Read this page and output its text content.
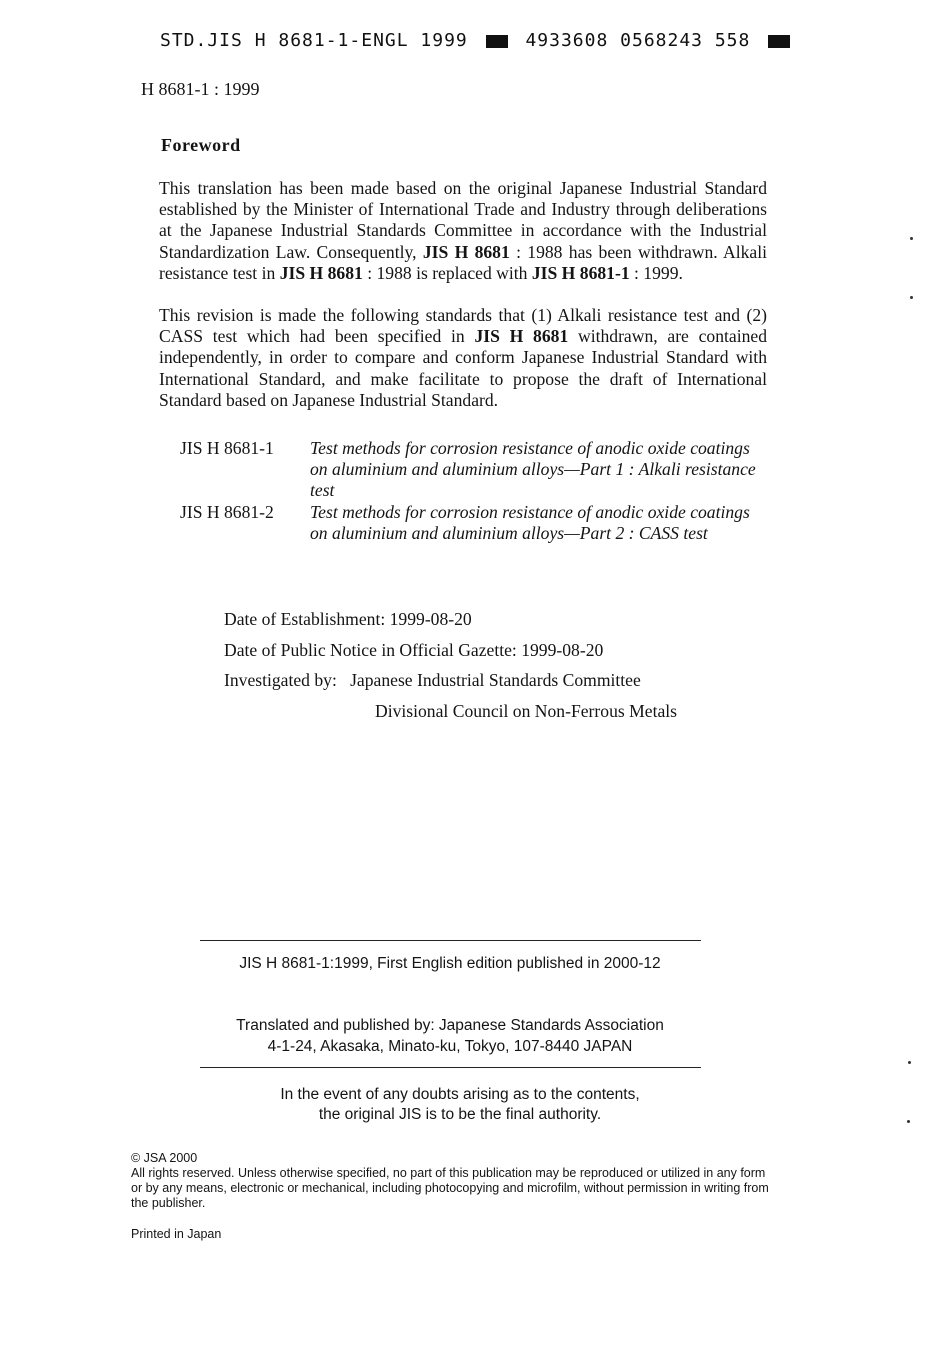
STD.JIS H 8681-1-ENGL 1999	4933608 0568243 558
H 8681-1 : 1999
Foreword
This translation has been made based on the original Japanese Industrial Standard established by the Minister of International Trade and Industry through deliberations at the Japanese Industrial Standards Committee in accordance with the Industrial Standardization Law. Consequently, JIS H 8681 : 1988 has been withdrawn. Alkali resistance test in JIS H 8681 : 1988 is replaced with JIS H 8681-1 : 1999.
This revision is made the following standards that (1) Alkali resistance test and (2) CASS test which had been specified in JIS H 8681 withdrawn, are contained independently, in order to compare and conform Japanese Industrial Standard with International Standard, and make facilitate to propose the draft of International Standard based on Japanese Industrial Standard.
JIS H 8681-1	Test methods for corrosion resistance of anodic oxide coatings on aluminium and aluminium alloys—Part 1 : Alkali resistance test
JIS H 8681-2	Test methods for corrosion resistance of anodic oxide coatings on aluminium and aluminium alloys—Part 2 : CASS test
Date of Establishment: 1999-08-20
Date of Public Notice in Official Gazette: 1999-08-20
Investigated by: Japanese Industrial Standards Committee
Divisional Council on Non-Ferrous Metals
JIS H 8681-1:1999, First English edition published in 2000-12
Translated and published by: Japanese Standards Association
4-1-24, Akasaka, Minato-ku, Tokyo, 107-8440 JAPAN
In the event of any doubts arising as to the contents,
the original JIS is to be the final authority.
© JSA 2000
All rights reserved. Unless otherwise specified, no part of this publication may be reproduced or utilized in any form or by any means, electronic or mechanical, including photocopying and microfilm, without permission in writing from the publisher.
Printed in Japan
